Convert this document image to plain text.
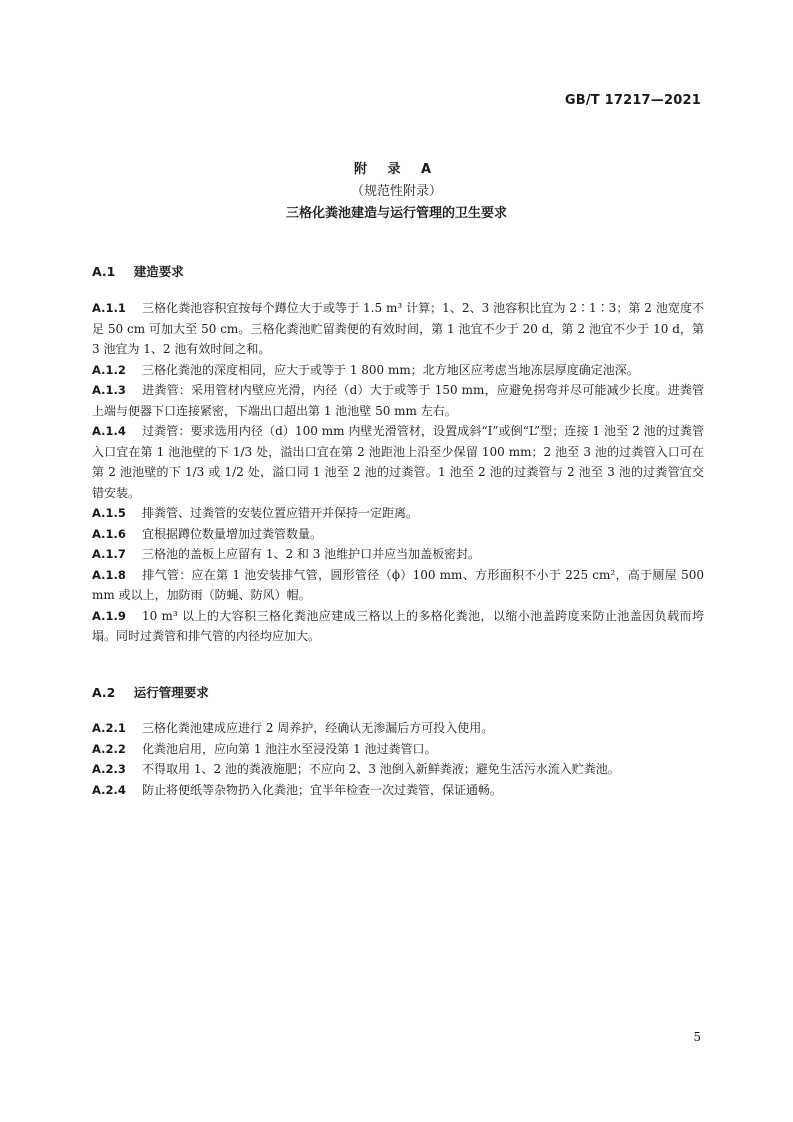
GB/T 17217—2021
附 录 A
（规范性附录）
三格化粪池建造与运行管理的卫生要求
A.1 建造要求

A.1.1 三格化粪池容积宜按每个蹲位大于或等于 1.5 m³ 计算；1、2、3 池容积比宜为 2∶1∶3；第 2 池宽度不足 50 cm 可加大至 50 cm。三格化粪池贮留粪便的有效时间，第 1 池宜不少于 20 d，第 2 池宜不少于 10 d，第 3 池宜为 1、2 池有效时间之和。

A.1.2 三格化粪池的深度相同，应大于或等于 1 800 mm；北方地区应考虑当地冻层厚度确定池深。

A.1.3 进粪管：采用管材内壁应光滑，内径（d）大于或等于 150 mm，应避免拐弯并尽可能减少长度。进粪管上端与便器下口连接紧密，下端出口超出第 1 池池壁 50 mm 左右。

A.1.4 过粪管：要求选用内径（d）100 mm 内壁光滑管材，设置成斜“I”或倒“L”型；连接 1 池至 2 池的过粪管入口宜在第 1 池池壁的下 1/3 处，溢出口宜在第 2 池距池上沿至少保留 100 mm；2 池至 3 池的过粪管入口可在第 2 池池壁的下 1/3 或 1/2 处，溢口同 1 池至 2 池的过粪管。1 池至 2 池的过粪管与 2 池至 3 池的过粪管宜交错安装。

A.1.5 排粪管、过粪管的安装位置应错开并保持一定距离。

A.1.6 宜根据蹲位数量增加过粪管数量。

A.1.7 三格池的盖板上应留有 1、2 和 3 池维护口并应当加盖板密封。

A.1.8 排气管：应在第 1 池安装排气管，圆形管径（ϕ）100 mm、方形面积不小于 225 cm²，高于厕屋 500 mm 或以上，加防雨（防蝇、防风）帽。

A.1.9 10 m³ 以上的大容积三格化粪池应建成三格以上的多格化粪池，以缩小池盖跨度来防止池盖因负载而垮塌。同时过粪管和排气管的内径均应加大。

A.2 运行管理要求

A.2.1 三格化粪池建成应进行 2 周养护，经确认无渗漏后方可投入使用。

A.2.2 化粪池启用，应向第 1 池注水至浸没第 1 池过粪管口。

A.2.3 不得取用 1、2 池的粪液施肥；不应向 2、3 池倒入新鲜粪液；避免生活污水流入贮粪池。

A.2.4 防止将便纸等杂物扔入化粪池；宜半年检查一次过粪管，保证通畅。

5
